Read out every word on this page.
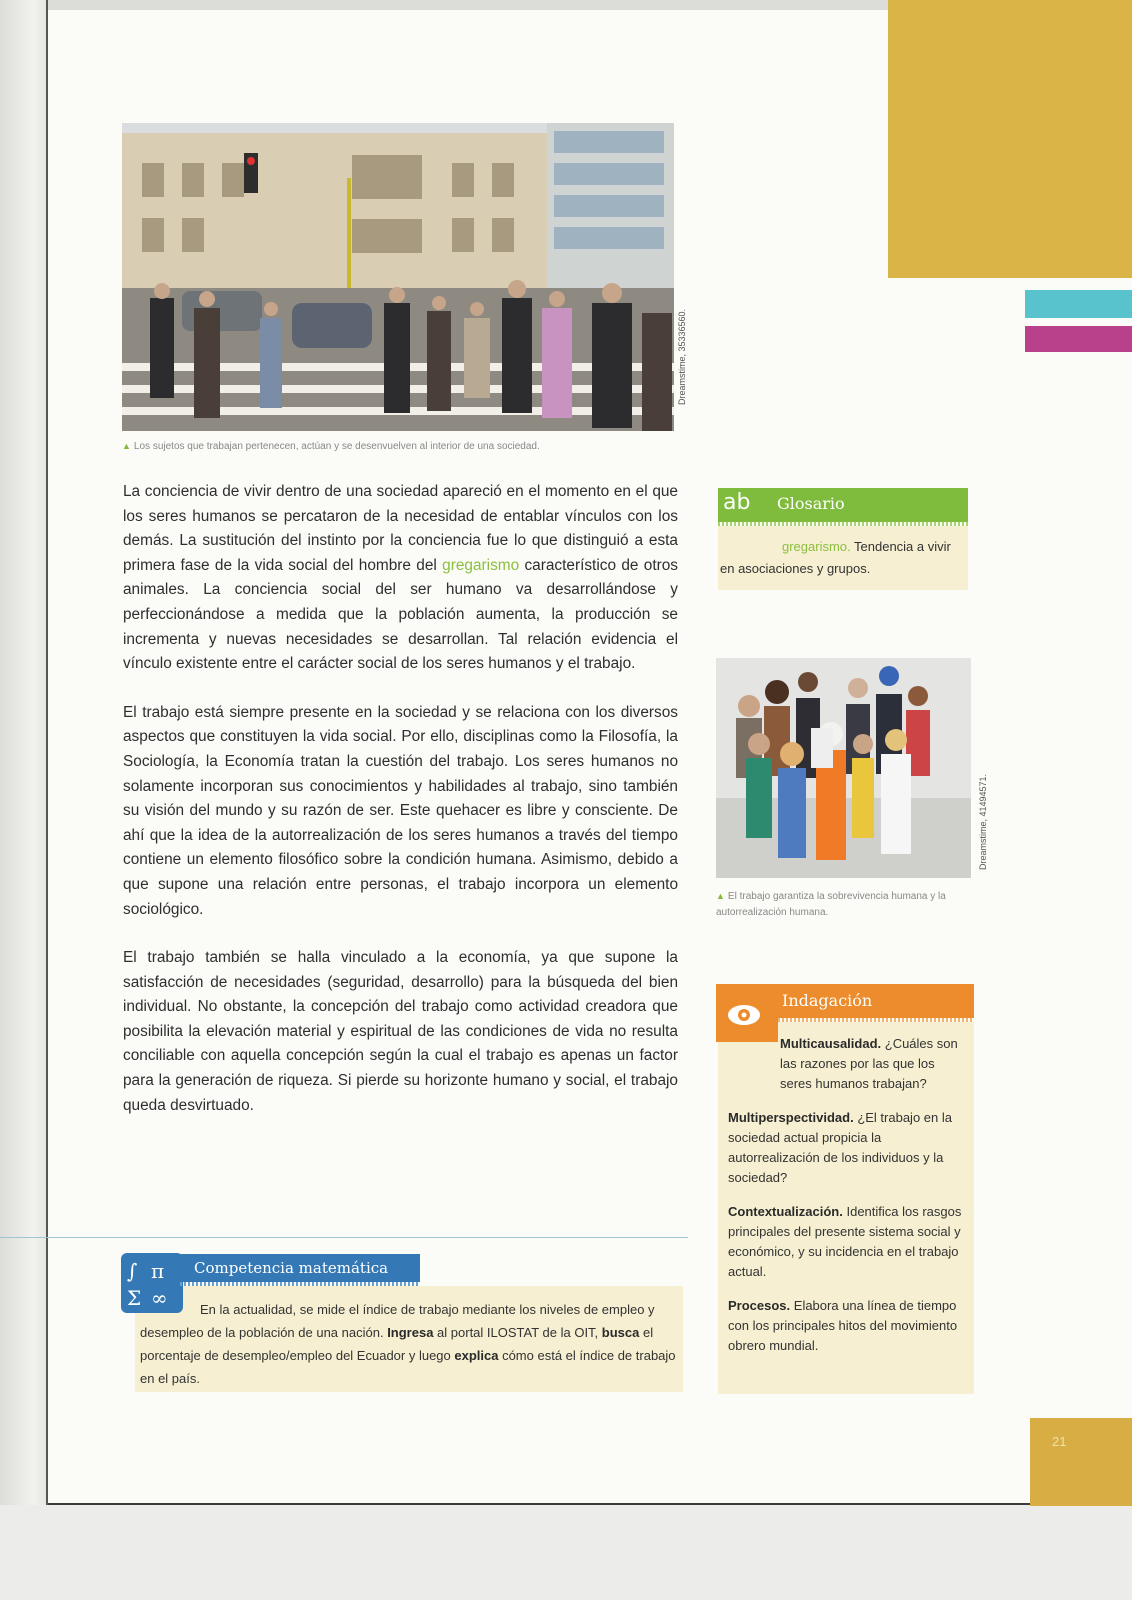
Dreamstime, 35336560.
▲ Los sujetos que trabajan pertenecen, actúan y se desenvuelven al interior de una sociedad.

La conciencia de vivir dentro de una sociedad apareció en el momento en el que los seres humanos se percataron de la necesidad de entablar vínculos con los demás. La sustitución del instinto por la conciencia fue lo que distinguió a esta primera fase de la vida social del hombre del gregarismo característico de otros animales. La conciencia social del ser humano va desarrollándose y perfeccionándose a medida que la población aumenta, la producción se incrementa y nuevas necesidades se desarrollan. Tal relación evidencia el vínculo existente entre el carácter social de los seres humanos y el trabajo.

El trabajo está siempre presente en la sociedad y se relaciona con los diversos aspectos que constituyen la vida social. Por ello, disciplinas como la Filosofía, la Sociología, la Economía tratan la cuestión del trabajo. Los seres humanos no solamente incorporan sus conocimientos y habilidades al trabajo, sino también su visión del mundo y su razón de ser. Este quehacer es libre y consciente. De ahí que la idea de la autorrealización de los seres humanos a través del tiempo contiene un elemento filosófico sobre la condición humana. Asimismo, debido a que supone una relación entre personas, el trabajo incorpora un elemento sociológico.

El trabajo también se halla vinculado a la economía, ya que supone la satisfacción de necesidades (seguridad, desarrollo) para la búsqueda del bien individual. No obstante, la concepción del trabajo como actividad creadora que posibilita la elevación material y espiritual de las condiciones de vida no resulta conciliable con aquella concepción según la cual el trabajo es apenas un factor para la generación de riqueza. Si pierde su horizonte humano y social, el trabajo queda desvirtuado.

∫ π
Σ ∞
Competencia matemática
En la actualidad, se mide el índice de trabajo mediante los niveles de empleo y desempleo de la población de una nación. Ingresa al portal ILOSTAT de la OIT, busca el porcentaje de desempleo/empleo del Ecuador y luego explica cómo está el índice de trabajo en el país.
ab	Glosario
gregarismo. Tendencia a vivir en asociaciones y grupos.
Dreamstime, 41494571.
▲ El trabajo garantiza la sobrevivencia humana y la autorrealización humana.
Indagación

Multicausalidad. ¿Cuáles son las razones por las que los seres humanos trabajan?

Multiperspectividad. ¿El trabajo en la sociedad actual propicia la autorrealización de los individuos y la sociedad?

Contextualización. Identifica los rasgos principales del presente sistema social y económico, y su incidencia en el trabajo actual.

Procesos. Elabora una línea de tiempo con los principales hitos del movimiento obrero mundial.

21
